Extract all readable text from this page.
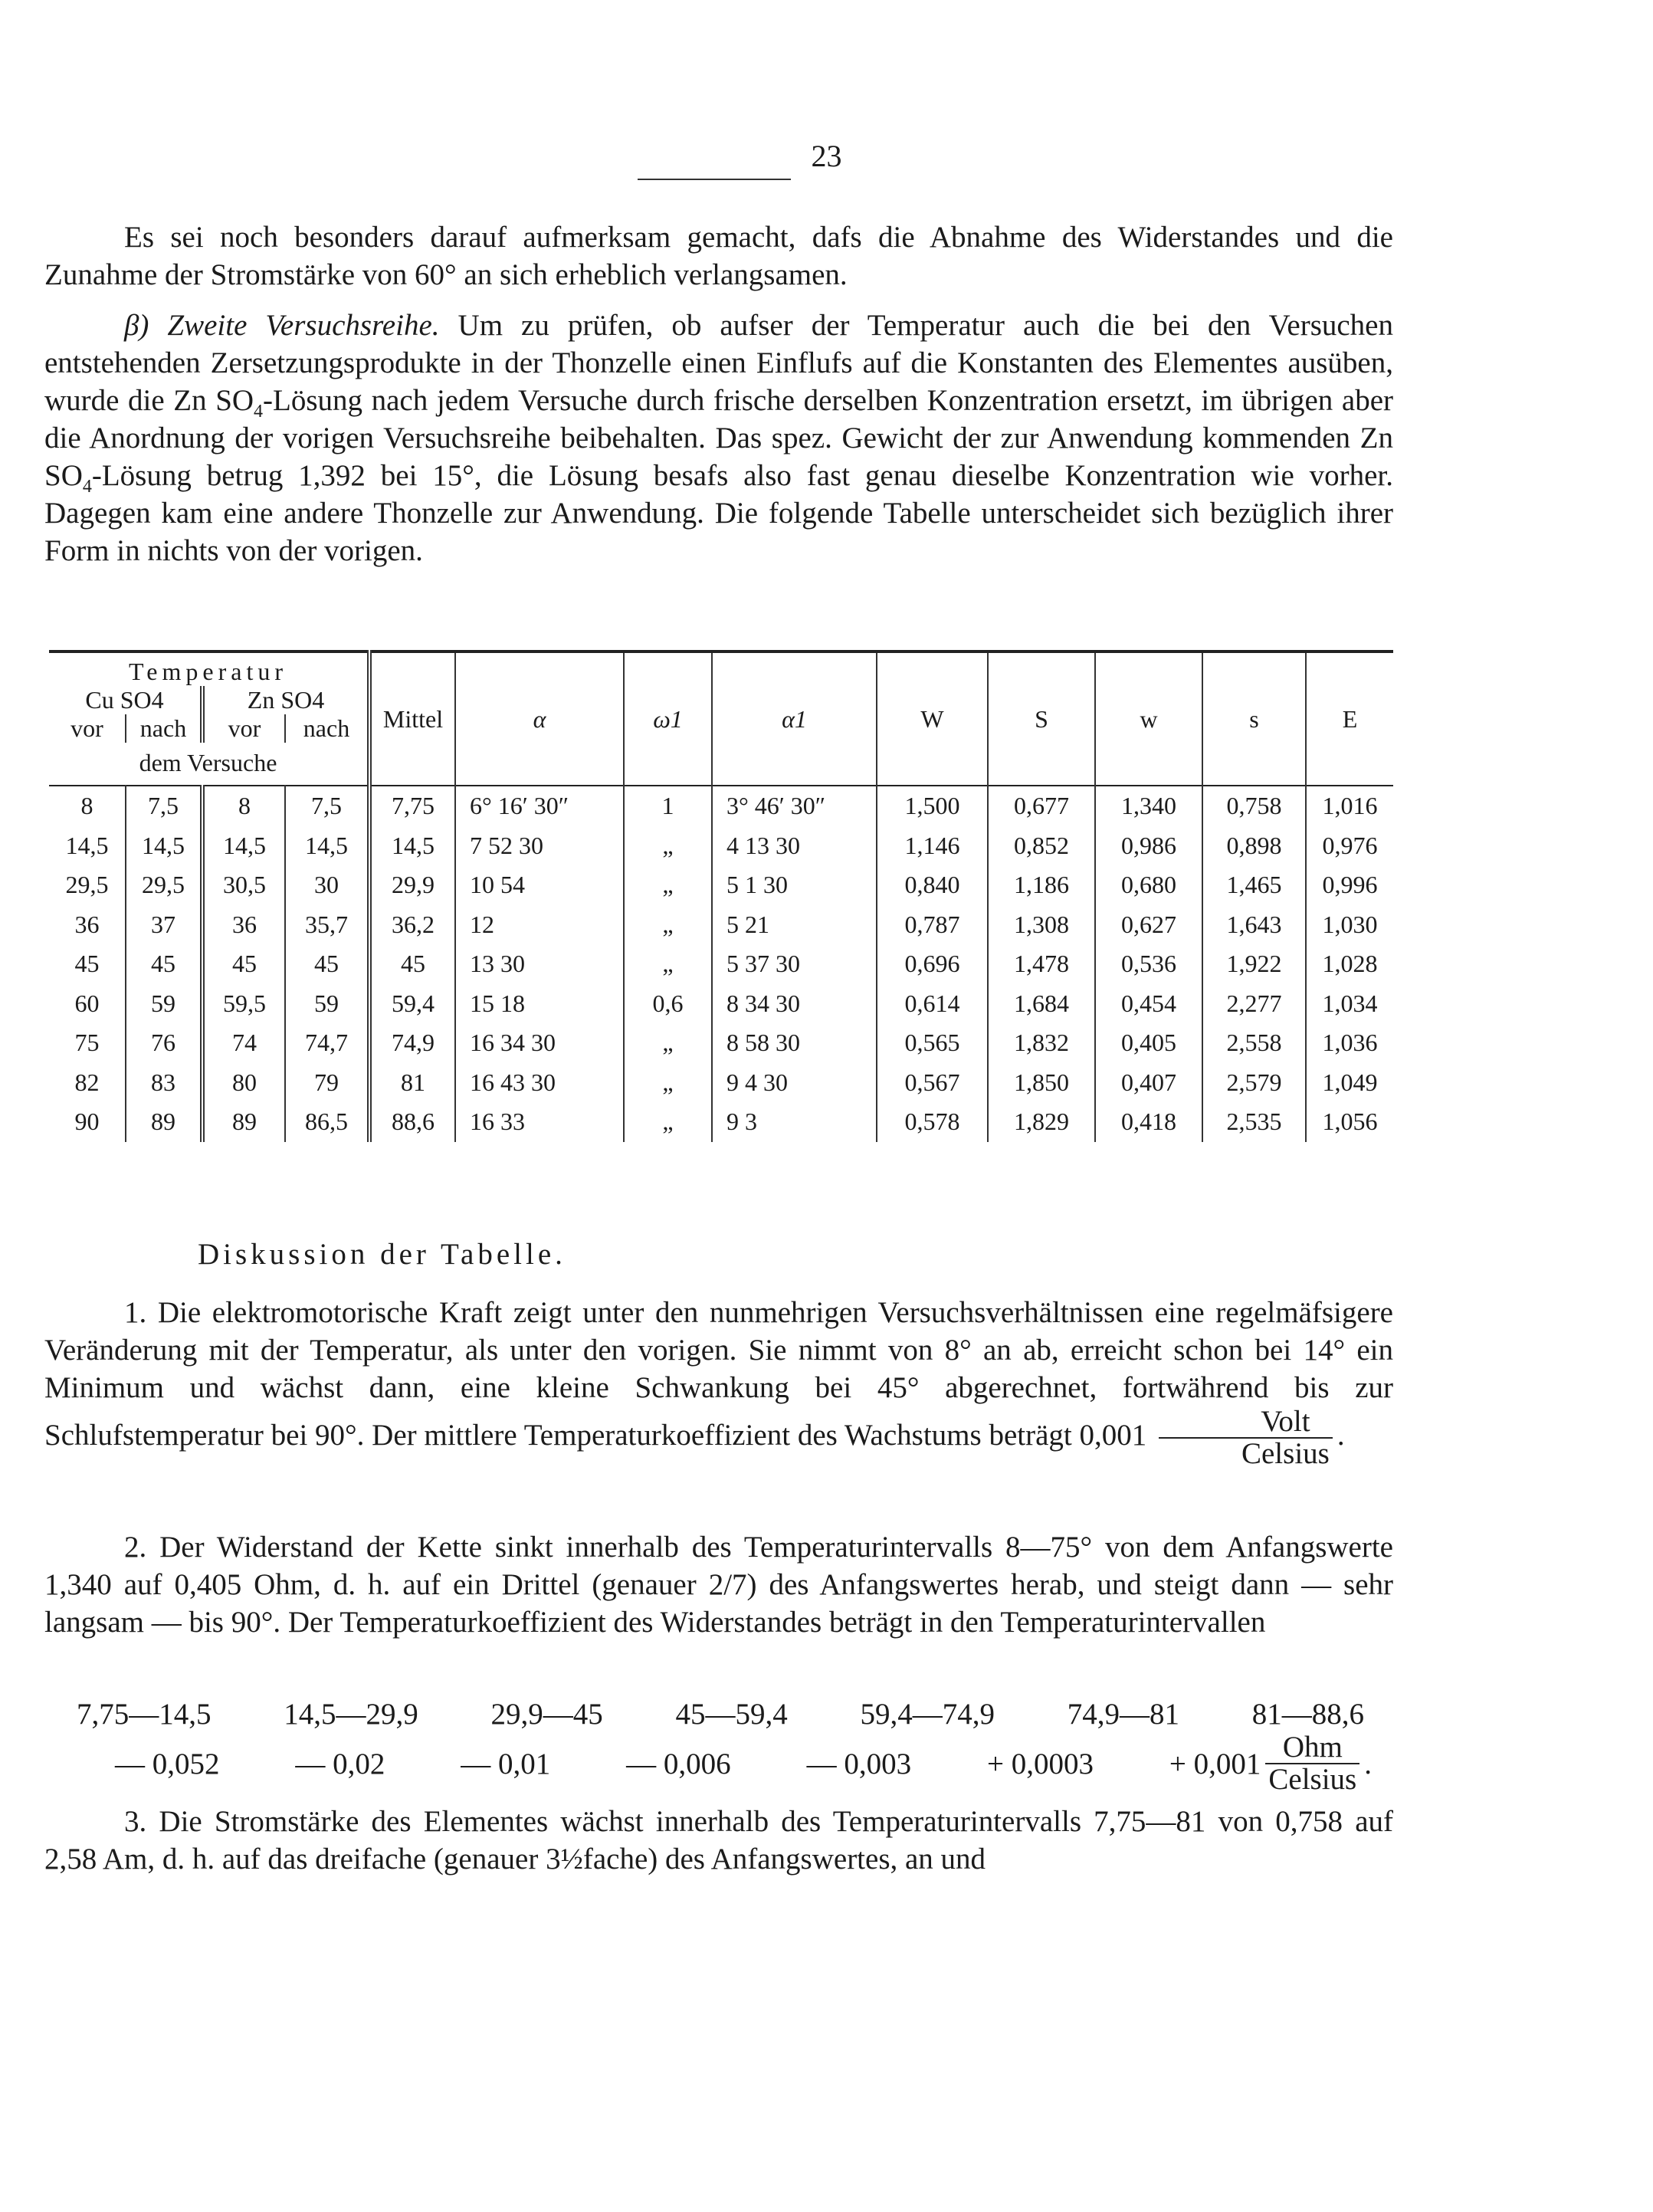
23
Es sei noch besonders darauf aufmerksam gemacht, dafs die Abnahme des Widerstandes und die Zunahme der Stromstärke von 60° an sich erheblich verlangsamen.
β) Zweite Versuchsreihe. Um zu prüfen, ob aufser der Temperatur auch die bei den Versuchen entstehenden Zersetzungsprodukte in der Thonzelle einen Einflufs auf die Konstanten des Elementes ausüben, wurde die Zn $SO_4$-Lösung nach jedem Versuche durch frische derselben Konzentration ersetzt, im übrigen aber die Anordnung der vorigen Versuchsreihe beibehalten. Das spez. Gewicht der zur Anwendung kommenden Zn $SO_4$-Lösung betrug 1,392 bei 15°, die Lösung besafs also fast genau dieselbe Konzentration wie vorher. Dagegen kam eine andere Thonzelle zur Anwendung. Die folgende Tabelle unterscheidet sich bezüglich ihrer Form in nichts von der vorigen.
Temperatur				Mittel	α	ω1	α1	W	S	w	s	E
Cu SO4		Zn SO4										
vor	nach	vor	nach									
dem Versuche												
8	7,5	8	7,5	7,75	6° 16′ 30″	1	3° 46′ 30″	1,500	0,677	1,340	0,758	1,016
14,5	14,5	14,5	14,5	14,5	7 52 30	„	4 13 30	1,146	0,852	0,986	0,898	0,976
29,5	29,5	30,5	30	29,9	10 54	„	5 1 30	0,840	1,186	0,680	1,465	0,996
36	37	36	35,7	36,2	12	„	5 21	0,787	1,308	0,627	1,643	1,030
45	45	45	45	45	13 30	„	5 37 30	0,696	1,478	0,536	1,922	1,028
60	59	59,5	59	59,4	15 18	0,6	8 34 30	0,614	1,684	0,454	2,277	1,034
75	76	74	74,7	74,9	16 34 30	„	8 58 30	0,565	1,832	0,405	2,558	1,036
82	83	80	79	81	16 43 30	„	9 4 30	0,567	1,850	0,407	2,579	1,049
90	89	89	86,5	88,6	16 33	„	9 3	0,578	1,829	0,418	2,535	1,056
Diskussion der Tabelle.
1. Die elektromotorische Kraft zeigt unter den nunmehrigen Versuchsverhältnissen eine regelmäfsigere Veränderung mit der Temperatur, als unter den vorigen. Sie nimmt von 8° an ab, erreicht schon bei 14° ein Minimum und wächst dann, eine kleine Schwankung bei 45° abgerechnet, fortwährend bis zur Schlufstemperatur bei 90°. Der mittlere Temperaturkoeffizient des Wachstums beträgt $0,001 \frac{\text{Volt}}{\text{Celsius}}$ .
2. Der Widerstand der Kette sinkt innerhalb des Temperaturintervalls 8—75° von dem Anfangswerte 1,340 auf 0,405 Ohm, d. h. auf ein Drittel (genauer 2/7) des Anfangswertes herab, und steigt dann — sehr langsam — bis 90°. Der Temperaturkoeffizient des Widerstandes beträgt in den Temperaturintervallen
7,75—14,5 14,5—29,9 29,9—45 45—59,4 59,4—74,9 74,9—81 81—88,6
— 0,052	— 0,02	— 0,01	— 0,006	— 0,003	+ 0,0003	+ $0,001 \frac{\text{Ohm}}{\text{Celsius}}$ .
3. Die Stromstärke des Elementes wächst innerhalb des Temperaturintervalls 7,75—81 von 0,758 auf 2,58 Am, d. h. auf das dreifache (genauer 3½fache) des Anfangswertes, an und
